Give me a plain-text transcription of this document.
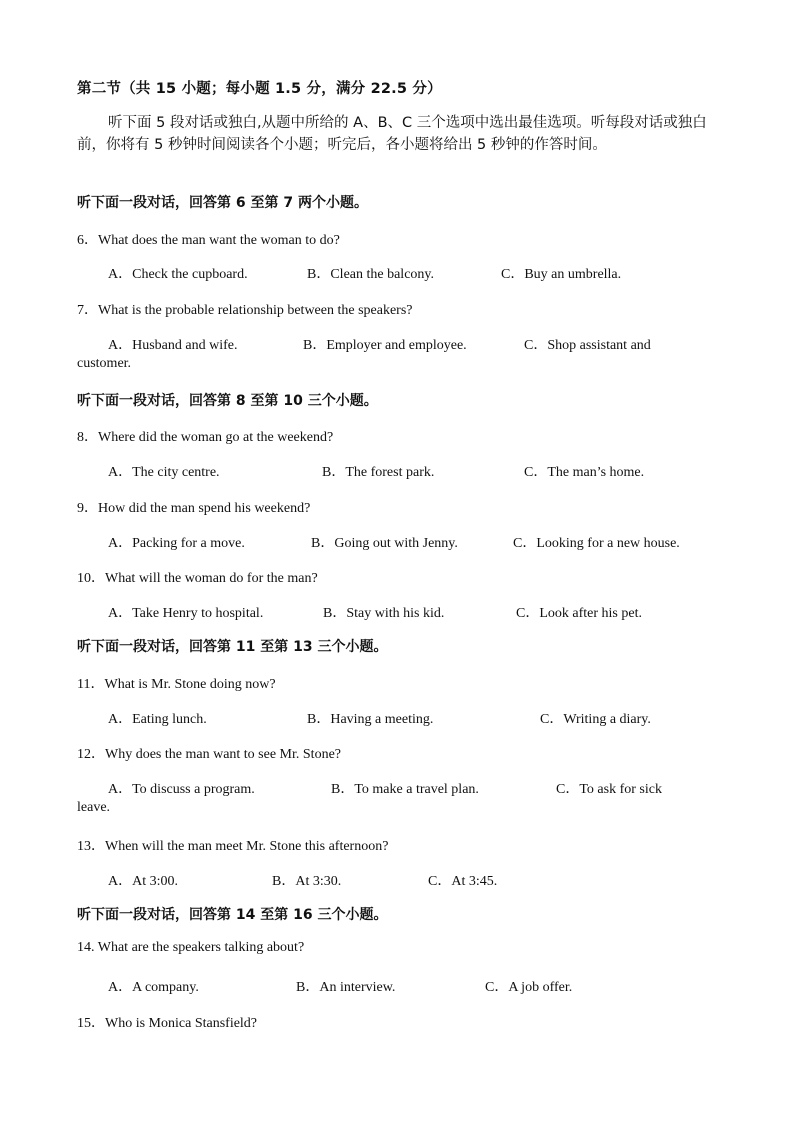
第二节（共 15 小题；每小题 1.5 分，满分 22.5 分）
听下面 5 段对话或独白,从题中所给的 A、B、C 三个选项中选出最佳选项。听每段对话或独白前，你将有 5 秒钟时间阅读各个小题；听完后，各小题将给出 5 秒钟的作答时间。
听下面一段对话，回答第 6 至第 7 两个小题。
6．What does the man want the woman to do?
A．Check the cupboard.	B．Clean the balcony.	C．Buy an umbrella.
7．What is the probable relationship between the speakers?
A．Husband and wife.	B．Employer and employee.	C．Shop assistant and
customer.
听下面一段对话，回答第 8 至第 10 三个小题。
8．Where did the woman go at the weekend?
A．The city centre.	B．The forest park.	C．The man’s home.
9．How did the man spend his weekend?
A．Packing for a move.	B．Going out with Jenny.	C．Looking for a new house.
10．What will the woman do for the man?
A．Take Henry to hospital.	B．Stay with his kid.	C．Look after his pet.
听下面一段对话，回答第 11 至第 13 三个小题。
11．What is Mr. Stone doing now?
A．Eating lunch.	B．Having a meeting.	C．Writing a diary.
12．Why does the man want to see Mr. Stone?
A．To discuss a program.	B．To make a travel plan.	C．To ask for sick
leave.
13．When will the man meet Mr. Stone this afternoon?
A．At 3:00.	B．At 3:30.	C．At 3:45.
听下面一段对话，回答第 14 至第 16 三个小题。
14. What are the speakers talking about?
A．A company.	B．An interview.	C．A job offer.
15．Who is Monica Stansfield?
